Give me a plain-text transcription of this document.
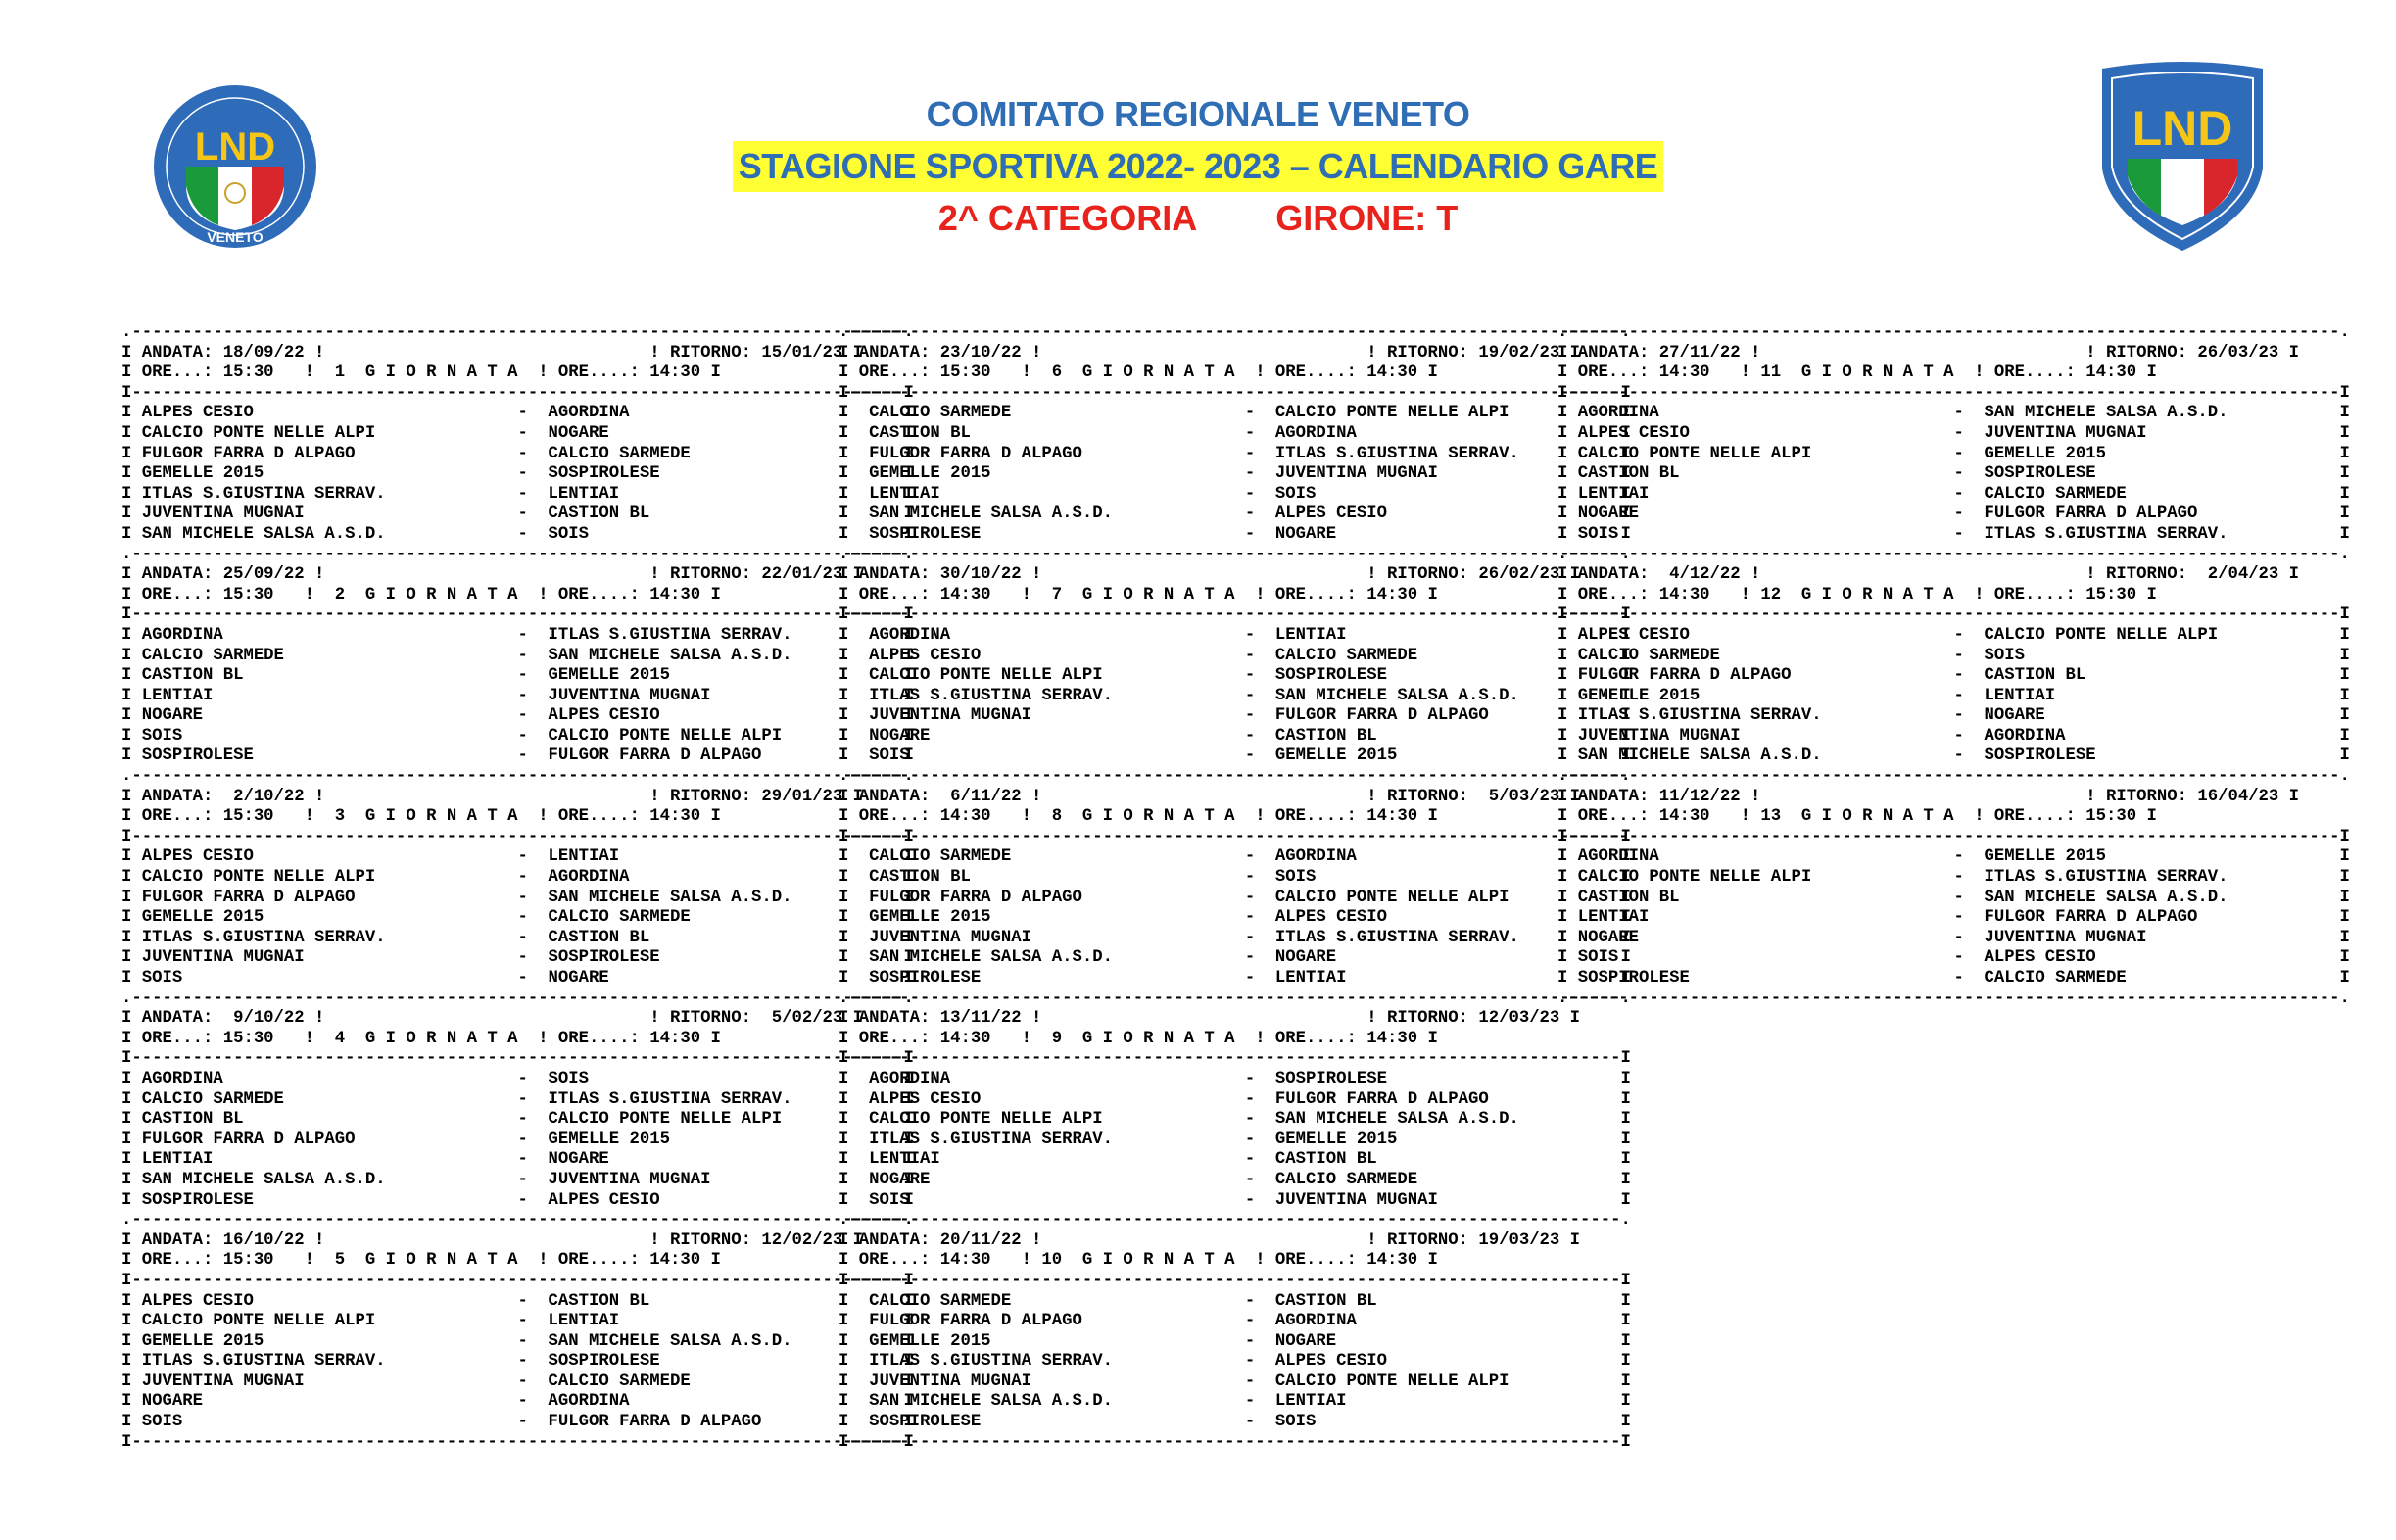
COMITATO REGIONALE VENETO
STAGIONE SPORTIVA 2022- 2023 – CALENDARIO GARE
2^ CATEGORIA GIRONE: T
LND
VENETO
LND
.----------------------------------------------------------------------------.
I ANDATA: 18/09/22 !                                ! RITORNO: 15/01/23 I
I ORE...: 15:30   !  1  G I O R N A T A  ! ORE....: 14:30 I
I----------------------------------------------------------------------------I
I ALPES CESIO                          -  AGORDINA                           I
I CALCIO PONTE NELLE ALPI              -  NOGARE                             I
I FULGOR FARRA D ALPAGO                -  CALCIO SARMEDE                     I
I GEMELLE 2015                         -  SOSPIROLESE                        I
I ITLAS S.GIUSTINA SERRAV.             -  LENTIAI                            I
I JUVENTINA MUGNAI                     -  CASTION BL                         I
I SAN MICHELE SALSA A.S.D.             -  SOIS                               I
.----------------------------------------------------------------------------.
I ANDATA: 25/09/22 !                                ! RITORNO: 22/01/23 I
I ORE...: 15:30   !  2  G I O R N A T A  ! ORE....: 14:30 I
I----------------------------------------------------------------------------I
I AGORDINA                             -  ITLAS S.GIUSTINA SERRAV.           I
I CALCIO SARMEDE                       -  SAN MICHELE SALSA A.S.D.           I
I CASTION BL                           -  GEMELLE 2015                       I
I LENTIAI                              -  JUVENTINA MUGNAI                   I
I NOGARE                               -  ALPES CESIO                        I
I SOIS                                 -  CALCIO PONTE NELLE ALPI            I
I SOSPIROLESE                          -  FULGOR FARRA D ALPAGO              I
.----------------------------------------------------------------------------.
I ANDATA:  2/10/22 !                                ! RITORNO: 29/01/23 I
I ORE...: 15:30   !  3  G I O R N A T A  ! ORE....: 14:30 I
I----------------------------------------------------------------------------I
I ALPES CESIO                          -  LENTIAI                            I
I CALCIO PONTE NELLE ALPI              -  AGORDINA                           I
I FULGOR FARRA D ALPAGO                -  SAN MICHELE SALSA A.S.D.           I
I GEMELLE 2015                         -  CALCIO SARMEDE                     I
I ITLAS S.GIUSTINA SERRAV.             -  CASTION BL                         I
I JUVENTINA MUGNAI                     -  SOSPIROLESE                        I
I SOIS                                 -  NOGARE                             I
.----------------------------------------------------------------------------.
I ANDATA:  9/10/22 !                                ! RITORNO:  5/02/23 I
I ORE...: 15:30   !  4  G I O R N A T A  ! ORE....: 14:30 I
I----------------------------------------------------------------------------I
I AGORDINA                             -  SOIS                               I
I CALCIO SARMEDE                       -  ITLAS S.GIUSTINA SERRAV.           I
I CASTION BL                           -  CALCIO PONTE NELLE ALPI            I
I FULGOR FARRA D ALPAGO                -  GEMELLE 2015                       I
I LENTIAI                              -  NOGARE                             I
I SAN MICHELE SALSA A.S.D.             -  JUVENTINA MUGNAI                   I
I SOSPIROLESE                          -  ALPES CESIO                        I
.----------------------------------------------------------------------------.
I ANDATA: 16/10/22 !                                ! RITORNO: 12/02/23 I
I ORE...: 15:30   !  5  G I O R N A T A  ! ORE....: 14:30 I
I----------------------------------------------------------------------------I
I ALPES CESIO                          -  CASTION BL                         I
I CALCIO PONTE NELLE ALPI              -  LENTIAI                            I
I GEMELLE 2015                         -  SAN MICHELE SALSA A.S.D.           I
I ITLAS S.GIUSTINA SERRAV.             -  SOSPIROLESE                        I
I JUVENTINA MUGNAI                     -  CALCIO SARMEDE                     I
I NOGARE                               -  AGORDINA                           I
I SOIS                                 -  FULGOR FARRA D ALPAGO              I
I----------------------------------------------------------------------------I
.----------------------------------------------------------------------------.
I ANDATA: 23/10/22 !                                ! RITORNO: 19/02/23 I
I ORE...: 15:30   !  6  G I O R N A T A  ! ORE....: 14:30 I
I----------------------------------------------------------------------------I
I  CALCIO SARMEDE                       -  CALCIO PONTE NELLE ALPI           I
I  CASTION BL                           -  AGORDINA                          I
I  FULGOR FARRA D ALPAGO                -  ITLAS S.GIUSTINA SERRAV.          I
I  GEMELLE 2015                         -  JUVENTINA MUGNAI                  I
I  LENTIAI                              -  SOIS                              I
I  SAN MICHELE SALSA A.S.D.             -  ALPES CESIO                       I
I  SOSPIROLESE                          -  NOGARE                            I
.----------------------------------------------------------------------------.
I ANDATA: 30/10/22 !                                ! RITORNO: 26/02/23 I
I ORE...: 14:30   !  7  G I O R N A T A  ! ORE....: 14:30 I
I----------------------------------------------------------------------------I
I  AGORDINA                             -  LENTIAI                           I
I  ALPES CESIO                          -  CALCIO SARMEDE                    I
I  CALCIO PONTE NELLE ALPI              -  SOSPIROLESE                       I
I  ITLAS S.GIUSTINA SERRAV.             -  SAN MICHELE SALSA A.S.D.          I
I  JUVENTINA MUGNAI                     -  FULGOR FARRA D ALPAGO             I
I  NOGARE                               -  CASTION BL                        I
I  SOIS                                 -  GEMELLE 2015                      I
.----------------------------------------------------------------------------.
I ANDATA:  6/11/22 !                                ! RITORNO:  5/03/23 I
I ORE...: 14:30   !  8  G I O R N A T A  ! ORE....: 14:30 I
I----------------------------------------------------------------------------I
I  CALCIO SARMEDE                       -  AGORDINA                          I
I  CASTION BL                           -  SOIS                              I
I  FULGOR FARRA D ALPAGO                -  CALCIO PONTE NELLE ALPI           I
I  GEMELLE 2015                         -  ALPES CESIO                       I
I  JUVENTINA MUGNAI                     -  ITLAS S.GIUSTINA SERRAV.          I
I  SAN MICHELE SALSA A.S.D.             -  NOGARE                            I
I  SOSPIROLESE                          -  LENTIAI                           I
.----------------------------------------------------------------------------.
I ANDATA: 13/11/22 !                                ! RITORNO: 12/03/23 I
I ORE...: 14:30   !  9  G I O R N A T A  ! ORE....: 14:30 I
I----------------------------------------------------------------------------I
I  AGORDINA                             -  SOSPIROLESE                       I
I  ALPES CESIO                          -  FULGOR FARRA D ALPAGO             I
I  CALCIO PONTE NELLE ALPI              -  SAN MICHELE SALSA A.S.D.          I
I  ITLAS S.GIUSTINA SERRAV.             -  GEMELLE 2015                      I
I  LENTIAI                              -  CASTION BL                        I
I  NOGARE                               -  CALCIO SARMEDE                    I
I  SOIS                                 -  JUVENTINA MUGNAI                  I
.----------------------------------------------------------------------------.
I ANDATA: 20/11/22 !                                ! RITORNO: 19/03/23 I
I ORE...: 14:30   ! 10  G I O R N A T A  ! ORE....: 14:30 I
I----------------------------------------------------------------------------I
I  CALCIO SARMEDE                       -  CASTION BL                        I
I  FULGOR FARRA D ALPAGO                -  AGORDINA                          I
I  GEMELLE 2015                         -  NOGARE                            I
I  ITLAS S.GIUSTINA SERRAV.             -  ALPES CESIO                       I
I  JUVENTINA MUGNAI                     -  CALCIO PONTE NELLE ALPI           I
I  SAN MICHELE SALSA A.S.D.             -  LENTIAI                           I
I  SOSPIROLESE                          -  SOIS                              I
I----------------------------------------------------------------------------I
.----------------------------------------------------------------------------.
I ANDATA: 27/11/22 !                                ! RITORNO: 26/03/23 I
I ORE...: 14:30   ! 11  G I O R N A T A  ! ORE....: 14:30 I
I----------------------------------------------------------------------------I
I AGORDINA                             -  SAN MICHELE SALSA A.S.D.           I
I ALPES CESIO                          -  JUVENTINA MUGNAI                   I
I CALCIO PONTE NELLE ALPI              -  GEMELLE 2015                       I
I CASTION BL                           -  SOSPIROLESE                        I
I LENTIAI                              -  CALCIO SARMEDE                     I
I NOGARE                               -  FULGOR FARRA D ALPAGO              I
I SOIS                                 -  ITLAS S.GIUSTINA SERRAV.           I
.----------------------------------------------------------------------------.
I ANDATA:  4/12/22 !                                ! RITORNO:  2/04/23 I
I ORE...: 14:30   ! 12  G I O R N A T A  ! ORE....: 15:30 I
I----------------------------------------------------------------------------I
I ALPES CESIO                          -  CALCIO PONTE NELLE ALPI            I
I CALCIO SARMEDE                       -  SOIS                               I
I FULGOR FARRA D ALPAGO                -  CASTION BL                         I
I GEMELLE 2015                         -  LENTIAI                            I
I ITLAS S.GIUSTINA SERRAV.             -  NOGARE                             I
I JUVENTINA MUGNAI                     -  AGORDINA                           I
I SAN MICHELE SALSA A.S.D.             -  SOSPIROLESE                        I
.----------------------------------------------------------------------------.
I ANDATA: 11/12/22 !                                ! RITORNO: 16/04/23 I
I ORE...: 14:30   ! 13  G I O R N A T A  ! ORE....: 15:30 I
I----------------------------------------------------------------------------I
I AGORDINA                             -  GEMELLE 2015                       I
I CALCIO PONTE NELLE ALPI              -  ITLAS S.GIUSTINA SERRAV.           I
I CASTION BL                           -  SAN MICHELE SALSA A.S.D.           I
I LENTIAI                              -  FULGOR FARRA D ALPAGO              I
I NOGARE                               -  JUVENTINA MUGNAI                   I
I SOIS                                 -  ALPES CESIO                        I
I SOSPIROLESE                          -  CALCIO SARMEDE                     I
.----------------------------------------------------------------------------.
